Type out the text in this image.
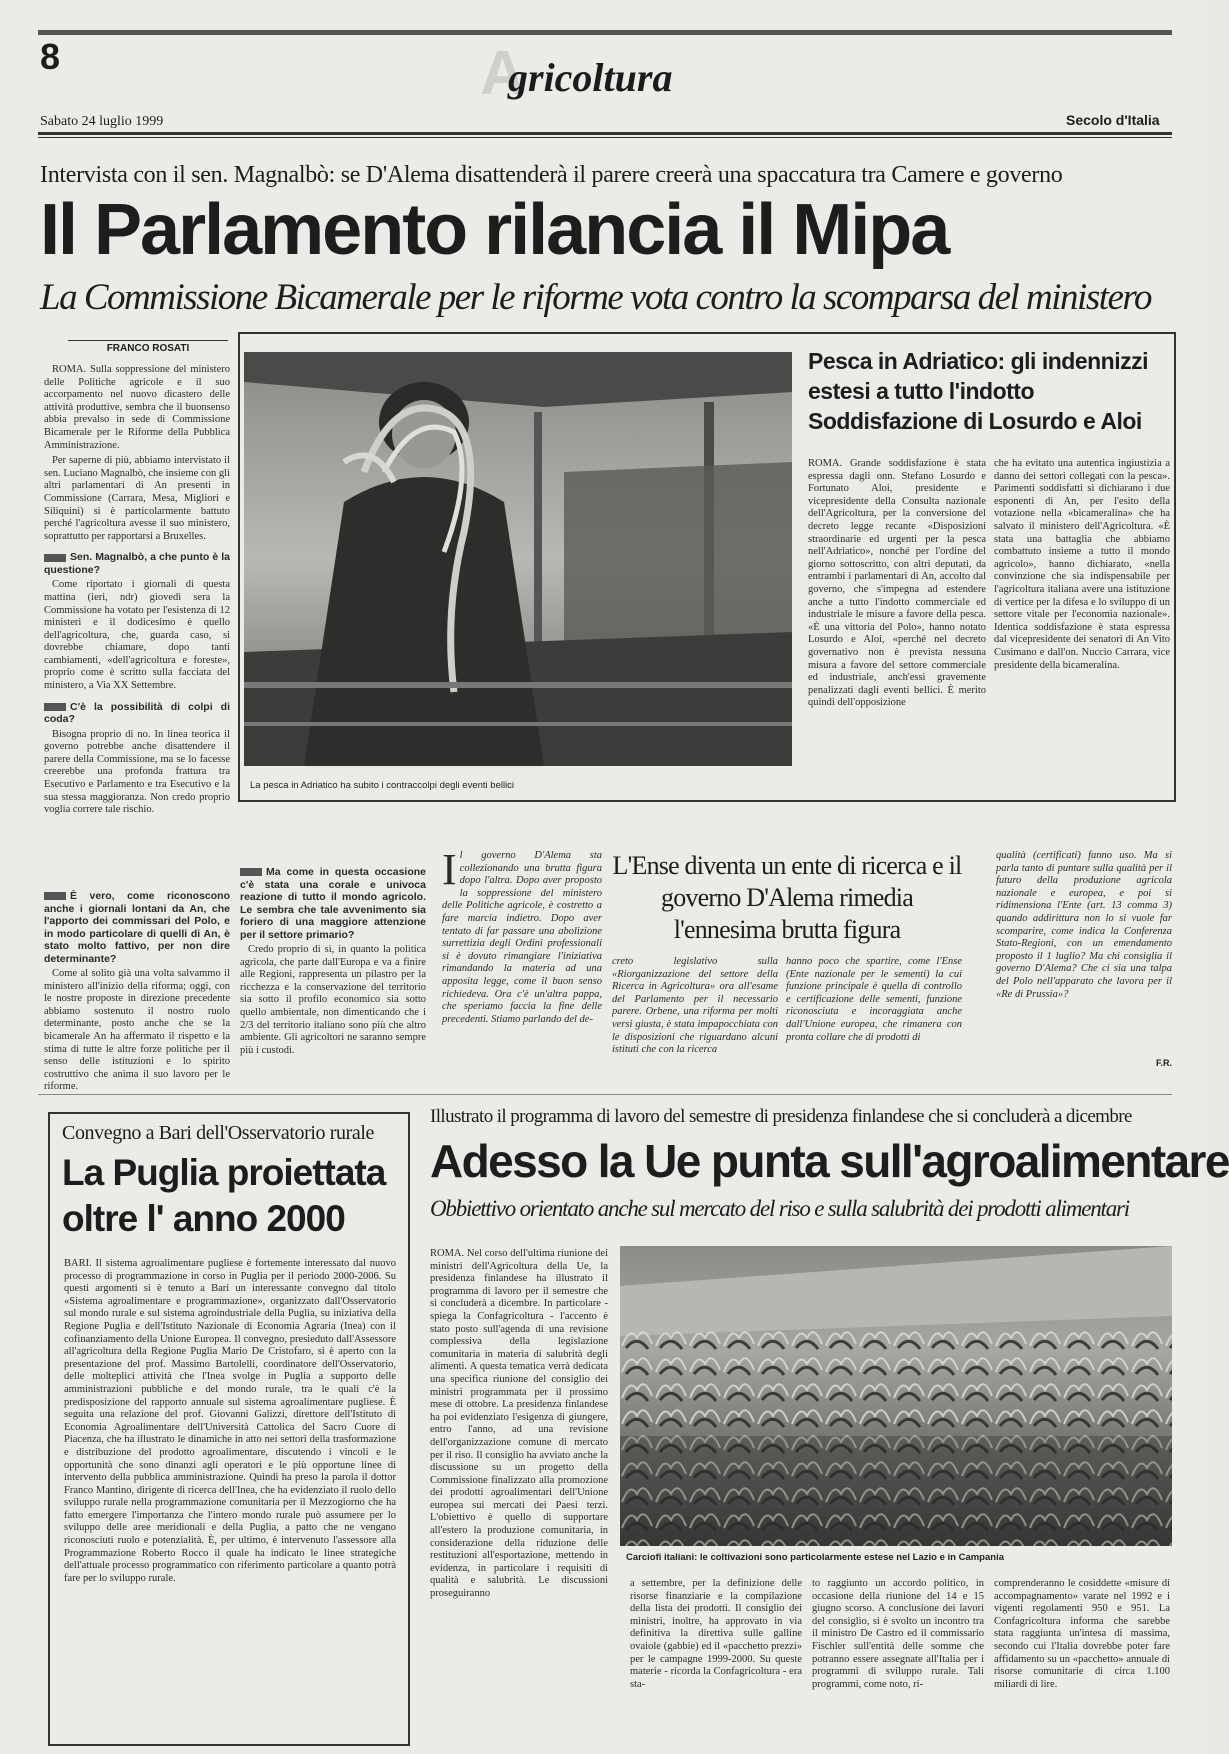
8	A
gricoltura
Sabato 24 luglio 1999	Secolo d'Italia
Intervista con il sen. Magnalbò: se D'Alema disattenderà il parere creerà una spaccatura tra Camere e governo
Il Parlamento rilancia il Mipa
La Commissione Bicamerale per le riforme vota contro la scomparsa del ministero
FRANCO ROSATI

ROMA. Sulla soppressione del ministero delle Politiche agricole e il suo accorpamento nel nuovo dicastero delle attività produttive, sembra che il buonsenso abbia prevalso in sede di Commissione Bicamerale per le Riforme della Pubblica Amministrazione.

Per saperne di più, abbiamo intervistato il sen. Luciano Magnalbò, che insieme con gli altri parlamentari di An presenti in Commissione (Carrara, Mesa, Migliori e Siliquini) si è particolarmente battuto perché l'agricoltura avesse il suo ministero, soprattutto per rapportarsi a Bruxelles.

Sen. Magnalbò, a che punto è la questione?

Come riportato i giornali di questa mattina (ieri, ndr) giovedì sera la Commissione ha votato per l'esistenza di 12 ministeri e il dodicesimo è quello dell'agricoltura, che, guarda caso, si dovrebbe chiamare, dopo tanti cambiamenti, «dell'agricoltura e foreste», proprio come è scritto sulla facciata del ministero, a Via XX Settembre.

C'è la possibilità di colpi di coda?

Bisogna proprio di no. In linea teorica il governo potrebbe anche disattendere il parere della Commissione, ma se lo facesse creerebbe una profonda frattura tra Esecutivo e Parlamento e tra Esecutivo e la sua stessa maggioranza. Non credo proprio voglia correre tale rischio.

È vero, come riconoscono anche i giornali lontani da An, che l'apporto dei commissari del Polo, e in modo particolare di quelli di An, è stato molto fattivo, per non dire determinante?

Come al solito già una volta salvammo il ministero all'inizio della riforma; oggi, con le nostre proposte in direzione precedente abbiamo sostenuto il nostro ruolo determinante, posto anche che se la bicamerale An ha affermato il rispetto e la stima di tutte le altre forze politiche per il senso delle istituzioni e lo spirito costruttivo che anima il suo lavoro per le riforme.

Ma come in questa occasione c'è stata una corale e univoca reazione di tutto il mondo agricolo. Le sembra che tale avvenimento sia foriero di una maggiore attenzione per il settore primario?

Credo proprio di sì, in quanto la politica agricola, che parte dall'Europa e va a finire alle Regioni, rappresenta un pilastro per la ricchezza e la conservazione del territorio sia sotto il profilo economico sia sotto quello ambientale, non dimenticando che i 2/3 del territorio italiano sono più che altro ambiente. Gli agricoltori ne saranno sempre più i custodi.

La pesca in Adriatico ha subito i contraccolpi degli eventi bellici
Pesca in Adriatico: gli indennizzi estesi a tutto l'indotto Soddisfazione di Losurdo e Aloi
ROMA. Grande soddisfazione è stata espressa dagli onn. Stefano Losurdo e Fortunato Aloi, presidente e vicepresidente della Consulta nazionale dell'Agricoltura, per la conversione del decreto legge recante «Disposizioni straordinarie ed urgenti per la pesca nell'Adriatico», nonché per l'ordine del giorno sottoscritto, con altri deputati, da entrambi i parlamentari di An, accolto dal governo, che s'impegna ad estendere anche a tutto l'indotto commerciale ed industriale le misure a favore della pesca. «È una vittoria del Polo», hanno notato Losurdo e Aloi, «perché nel decreto governativo non è prevista nessuna misura a favore del settore commerciale ed industriale, anch'essi gravemente penalizzati dagli eventi bellici. È merito quindi dell'opposizione
che ha evitato una autentica ingiustizia a danno dei settori collegati con la pesca». Parimenti soddisfatti si dichiarano i due esponenti di An, per l'esito della votazione nella «bicameralina» che ha salvato il ministero dell'Agricoltura. «È stata una battaglia che abbiamo combattuto insieme a tutto il mondo agricolo», hanno dichiarato, «nella convinzione che sia indispensabile per l'agricoltura italiana avere una istituzione di vertice per la difesa e lo sviluppo di un settore vitale per l'economia nazionale». Identica soddisfazione è stata espressa dal vicepresidente dei senatori di An Vito Cusimano e dall'on. Nuccio Carrara, vice presidente della bicameralina.
Il governo D'Alema sta collezionando una brutta figura dopo l'altra. Dopo aver proposto la soppressione del ministero delle Politiche agricole, è costretto a fare marcia indietro. Dopo aver tentato di far passare una abolizione surrettizia degli Ordini professionali si è dovuto rimangiare l'iniziativa rimandando la materia ad una apposita legge, come il buon senso richiedeva. Ora c'è un'altra pappa, che speriamo faccia la fine delle precedenti. Stiamo parlando del de-
L'Ense diventa un ente di ricerca e il governo D'Alema rimedia l'ennesima brutta figura
creto legislativo sulla «Riorganizzazione del settore della Ricerca in Agricoltura» ora all'esame del Parlamento per il necessario parere. Orbene, una riforma per molti versi giusta, è stata impapocchiata con le disposizioni che riguardano alcuni istituti che con la ricerca
hanno poco che spartire, come l'Ense (Ente nazionale per le sementi) la cui funzione principale è quella di controllo e certificazione delle sementi, funzione riconosciuta e incoraggiata anche dall'Unione europea, che rimanera con pronta collare che di prodotti di
qualità (certificati) fanno uso. Ma si parla tanto di puntare sulla qualità per il futuro della produzione agricola nazionale e europea, e poi si ridimensiona l'Ente (art. 13 comma 3) quando addirittura non lo si vuole far scomparire, come indica la Conferenza Stato-Regioni, con un emendamento proposto il 1 luglio? Ma chi consiglia il governo D'Alema? Che ci sia una talpa del Polo nell'apparato che lavora per il «Re di Prussia»?
F.R.
Convegno a Bari dell'Osservatorio rurale
La Puglia proiettata oltre l' anno 2000
BARI. Il sistema agroalimentare pugliese è fortemente interessato dal nuovo processo di programmazione in corso in Puglia per il periodo 2000-2006. Su questi argomenti si è tenuto a Bari un interessante convegno dal titolo «Sistema agroalimentare e programmazione», organizzato dall'Osservatorio sul mondo rurale e sul sistema agroindustriale della Puglia, su iniziativa della Regione Puglia e dell'Istituto Nazionale di Economia Agraria (Inea) con il cofinanziamento della Unione Europea. Il convegno, presieduto dall'Assessore all'agricoltura della Regione Puglia Mario De Cristofaro, si è aperto con la presentazione del prof. Massimo Bartolelli, coordinatore dell'Osservatorio, delle molteplici attività che l'Inea svolge in Puglia a supporto delle amministrazioni pubbliche e del mondo rurale, tra le quali c'è la predisposizione del rapporto annuale sul sistema agroalimentare pugliese. È seguita una relazione del prof. Giovanni Galizzi, direttore dell'Istituto di Economia Agroalimentare dell'Università Cattolica del Sacro Cuore di Piacenza, che ha illustrato le dinamiche in atto nei settori della trasformazione e distribuzione del prodotto agroalimentare, discutendo i vincoli e le opportunità che sono dinanzi agli operatori e le più opportune linee di intervento della pubblica amministrazione. Quindi ha preso la parola il dottor Franco Mantino, dirigente di ricerca dell'Inea, che ha evidenziato il ruolo dello sviluppo rurale nella programmazione comunitaria per il Mezzogiorno che ha fatto emergere l'importanza che l'intero mondo rurale può assumere per lo sviluppo delle aree meridionali e della Puglia, a patto che ne vengano riconosciuti ruolo e potenzialità. È, per ultimo, è intervenuto l'assessore alla Programmazione Roberto Rocco il quale ha indicato le linee strategiche dell'attuale processo programmatico con riferimento particolare a quanto potrà fare per lo sviluppo rurale.
Illustrato il programma di lavoro del semestre di presidenza finlandese che si concluderà a dicembre
Adesso la Ue punta sull'agroalimentare
Obbiettivo orientato anche sul mercato del riso e sulla salubrità dei prodotti alimentari
ROMA. Nel corso dell'ultima riunione dei ministri dell'Agricoltura della Ue, la presidenza finlandese ha illustrato il programma di lavoro per il semestre che si concluderà a dicembre. In particolare - spiega la Confagricoltura - l'accento è stato posto sull'agenda di una revisione complessiva della legislazione comunitaria in materia di salubrità degli alimenti. A questa tematica verrà dedicata una specifica riunione del consiglio dei ministri programmata per il prossimo mese di ottobre. La presidenza finlandese ha poi evidenziato l'esigenza di giungere, entro l'anno, ad una revisione dell'organizzazione comune di mercato per il riso. Il consiglio ha avviato anche la discussione su un progetto della Commissione finalizzato alla promozione dei prodotti agroalimentari dell'Unione europea sui mercati dei Paesi terzi. L'obiettivo è quello di supportare all'estero la produzione comunitaria, in considerazione della riduzione delle restituzioni all'esportazione, mettendo in evidenza, in particolare i requisiti di qualità e salubrità. Le discussioni proseguiranno
Carciofi italiani: le coltivazioni sono particolarmente estese nel Lazio e in Campania
a settembre, per la definizione delle risorse finanziarie e la compilazione della lista dei prodotti. Il consiglio dei ministri, inoltre, ha approvato in via definitiva la direttiva sulle galline ovaiole (gabbie) ed il «pacchetto prezzi» per le campagne 1999-2000. Su queste materie - ricorda la Confagricoltura - era sta-
to raggiunto un accordo politico, in occasione della riunione del 14 e 15 giugno scorso. A conclusione dei lavori del consiglio, si è svolto un incontro tra il ministro De Castro ed il commissario Fischler sull'entità delle somme che potranno essere assegnate all'Italia per i programmi di sviluppo rurale. Tali programmi, come noto, ri-
comprenderanno le cosiddette «misure di accompagnamento» varate nel 1992 e i vigenti regolamenti 950 e 951. La Confagricoltura informa che sarebbe stata raggiunta un'intesa di massima, secondo cui l'Italia dovrebbe poter fare affidamento su un «pacchetto» annuale di risorse comunitarie di circa 1.100 miliardi di lire.
